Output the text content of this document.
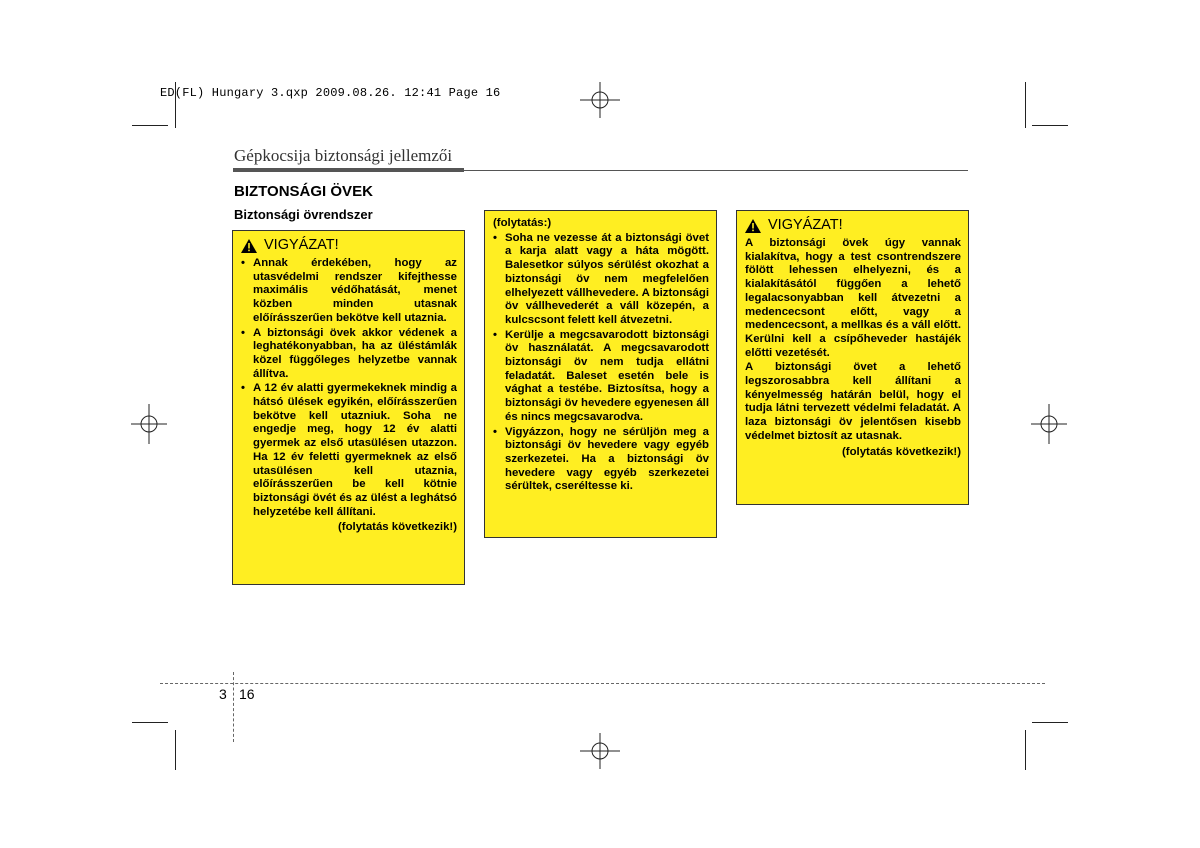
ED(FL) Hungary 3.qxp 2009.08.26. 12:41 Page 16
Gépkocsija biztonsági jellemzői
BIZTONSÁGI ÖVEK
Biztonsági övrendszer
VIGYÁZAT!
• Annak érdekében, hogy az utasvédelmi rendszer kifejthesse maximális védőhatását, menet közben minden utasnak előírásszerűen bekötve kell utaznia.
• A biztonsági övek akkor védenek a leghatékonyabban, ha az üléstámlák közel függőleges helyzetbe vannak állítva.
• A 12 év alatti gyermekeknek mindig a hátsó ülések egyikén, előírásszerűen bekötve kell utazniuk. Soha ne engedje meg, hogy 12 év alatti gyermek az első utasülésen utazzon. Ha 12 év feletti gyermeknek az első utasülésen kell utaznia, előírásszerűen be kell kötnie biztonsági övét és az ülést a leghátsó helyzetébe kell állítani.
(folytatás következik!)
(folytatás:)
• Soha ne vezesse át a biztonsági övet a karja alatt vagy a háta mögött. Balesetkor súlyos sérülést okozhat a biztonsági öv nem megfelelően elhelyezett vállhevedere. A biztonsági öv vállhevederét a váll közepén, a kulcscsont felett kell átvezetni.
• Kerülje a megcsavarodott biztonsági öv használatát. A megcsavarodott biztonsági öv nem tudja ellátni feladatát. Baleset esetén bele is vághat a testébe. Biztosítsa, hogy a biztonsági öv hevedere egyenesen áll és nincs megcsavarodva.
• Vigyázzon, hogy ne sérüljön meg a biztonsági öv hevedere vagy egyéb szerkezetei. Ha a biztonsági öv hevedere vagy egyéb szerkezetei sérültek, cseréltesse ki.
VIGYÁZAT!

A biztonsági övek úgy vannak kialakítva, hogy a test csontrendszere fölött lehessen elhelyezni, és a kialakításától függően a lehető legalacsonyabban kell átvezetni a medencecsont előtt, vagy a medencecsont, a mellkas és a váll előtt. Kerülni kell a csípőheveder hastájék előtti vezetését.

A biztonsági övet a lehető legszorosabbra kell állítani a kényelmesség határán belül, hogy el tudja látni tervezett védelmi feladatát. A laza biztonsági öv jelentősen kisebb védelmet biztosít az utasnak.

(folytatás következik!)
3 16
